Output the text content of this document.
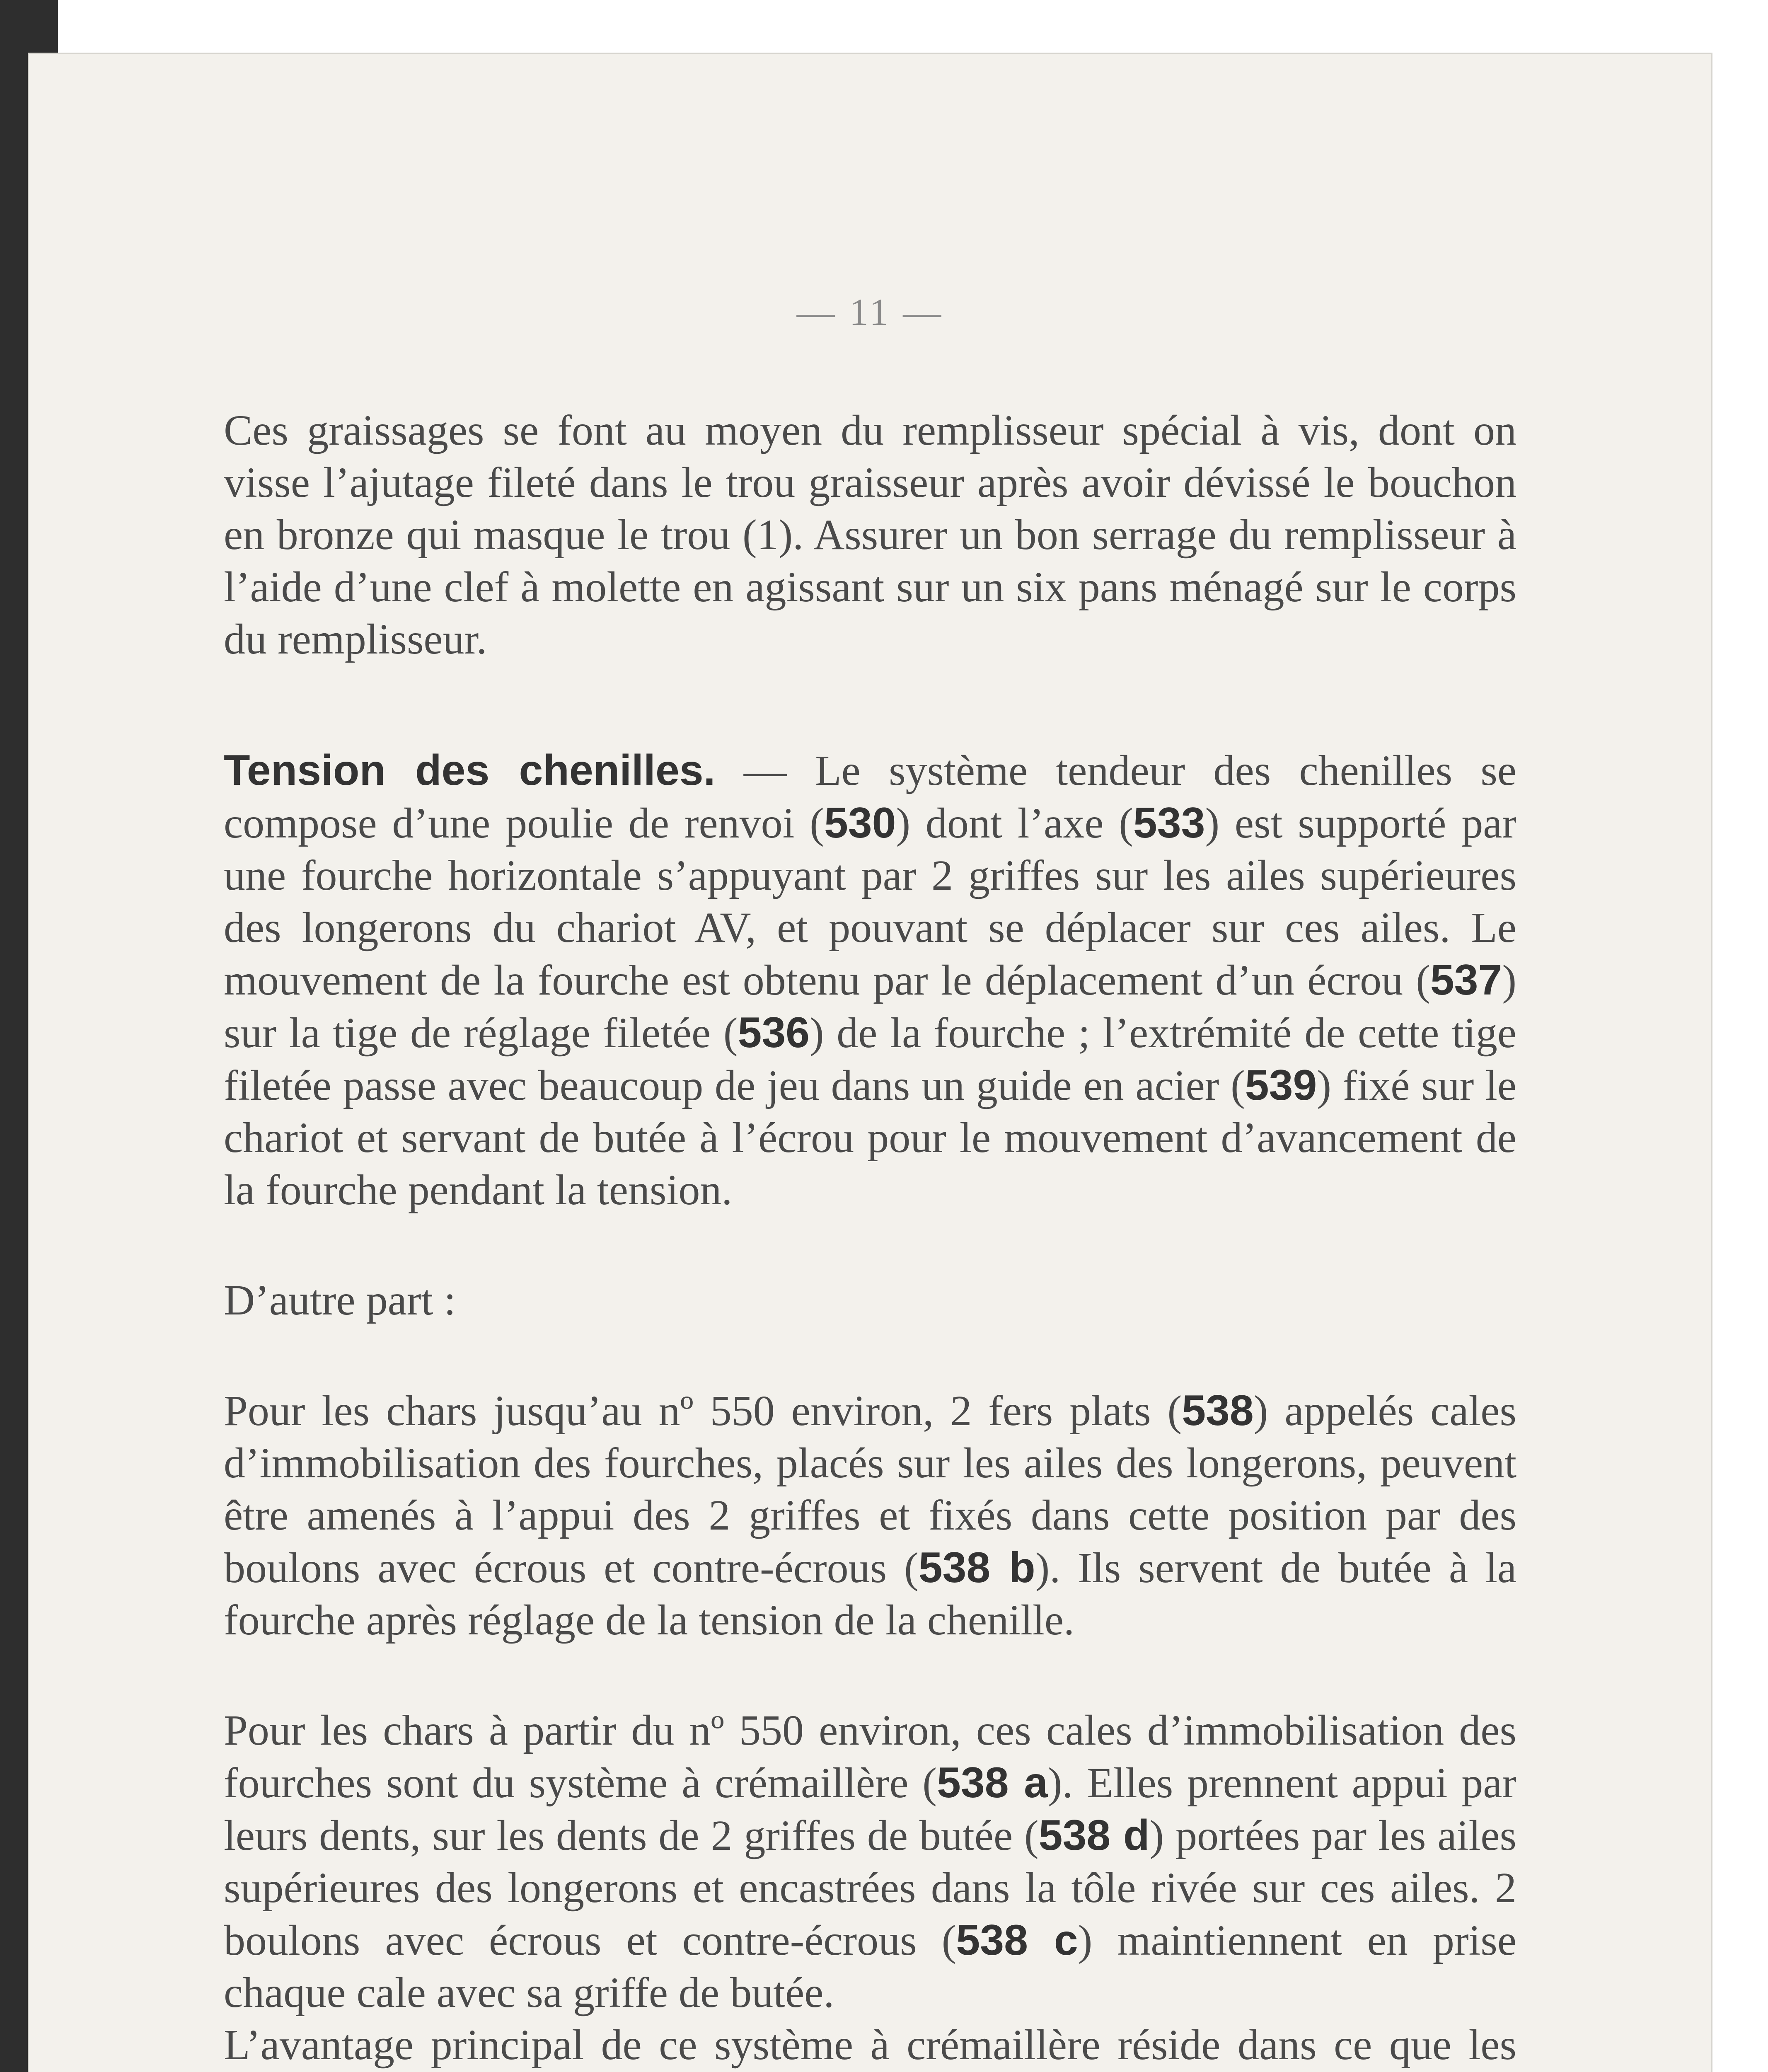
— 11 —

Ces graissages se font au moyen du remplisseur spécial à vis, dont on visse l’ajutage fileté dans le trou graisseur après avoir dévissé le bouchon en bronze qui masque le trou (1). Assurer un bon serrage du remplisseur à l’aide d’une clef à molette en agissant sur un six pans ménagé sur le corps du remplisseur.

Tension des chenilles. — Le système tendeur des chenilles se compose d’une poulie de renvoi (530) dont l’axe (533) est supporté par une fourche horizontale s’appuyant par 2 griffes sur les ailes supérieures des longerons du chariot AV, et pouvant se déplacer sur ces ailes. Le mouvement de la fourche est obtenu par le déplacement d’un écrou (537) sur la tige de réglage filetée (536) de la fourche ; l’extrémité de cette tige filetée passe avec beaucoup de jeu dans un guide en acier (539) fixé sur le chariot et servant de butée à l’écrou pour le mouvement d’avancement de la fourche pendant la tension.

D’autre part :

Pour les chars jusqu’au nº 550 environ, 2 fers plats (538) appelés cales d’immobilisation des fourches, placés sur les ailes des longerons, peuvent être amenés à l’appui des 2 griffes et fixés dans cette position par des boulons avec écrous et contre-écrous (538 b). Ils servent de butée à la fourche après réglage de la tension de la chenille.

Pour les chars à partir du nº 550 environ, ces cales d’immobilisation des fourches sont du système à crémaillère (538 a). Elles prennent appui par leurs dents, sur les dents de 2 griffes de butée (538 d) portées par les ailes supérieures des longerons et encastrées dans la tôle rivée sur ces ailes. 2 boulons avec écrous et contre-écrous (538 c) maintiennent en prise chaque cale avec sa griffe de butée.

L’avantage principal de ce système à crémaillère réside dans ce que les
